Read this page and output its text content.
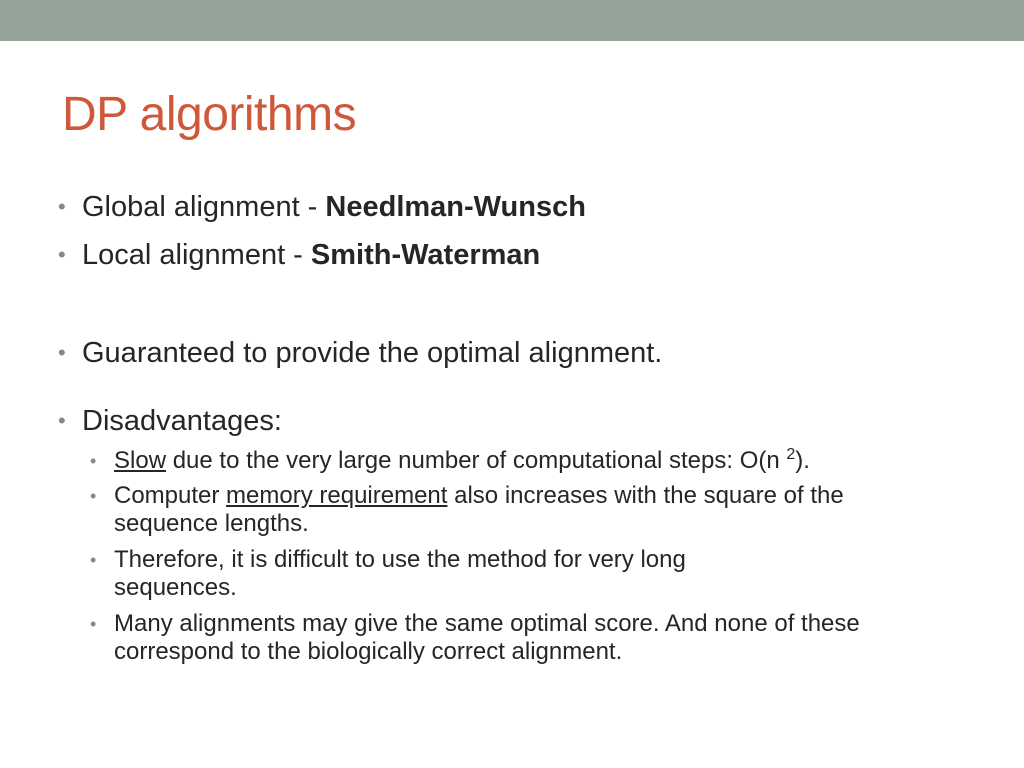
DP algorithms
• Global alignment - Needlman-Wunsch
• Local alignment - Smith-Waterman
• Guaranteed to provide the optimal alignment.
• Disadvantages:
• Slow due to the very large number of computational steps: O(n $^2$).
• Computer memory requirement also increases with the square of the sequence lengths.
• Therefore, it is difficult to use the method for very long sequences.
• Many alignments may give the same optimal score. And none of these correspond to the biologically correct alignment.
